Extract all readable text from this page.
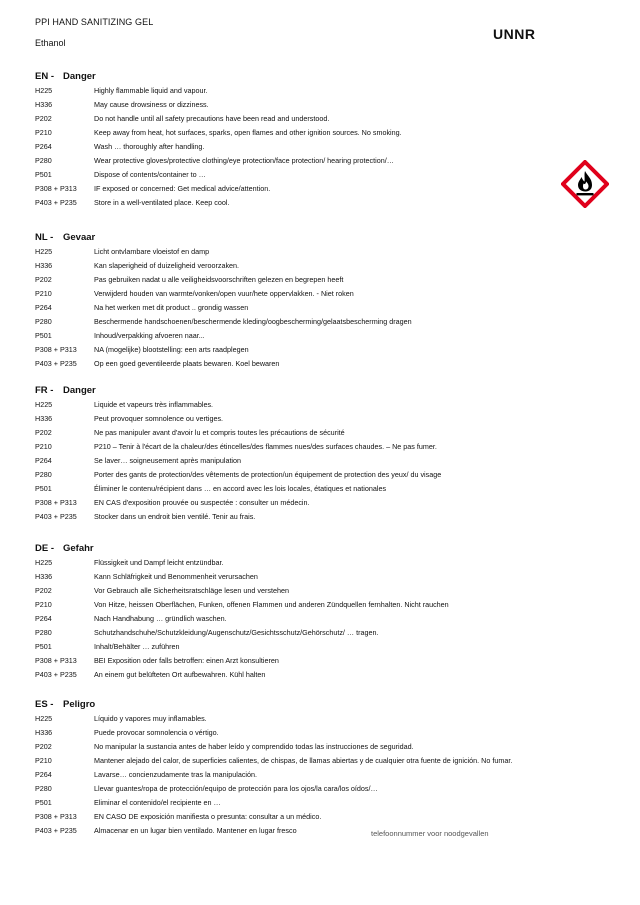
PPI HAND SANITIZING GEL
Ethanol
UNNR
EN - Danger
H225	Highly flammable liquid and vapour.
H336	May cause drowsiness or dizziness.
P202	Do not handle until all safety precautions have been read and understood.
P210	Keep away from heat, hot surfaces, sparks, open flames and other ignition sources. No smoking.
P264	Wash … thoroughly after handling.
P280	Wear protective gloves/protective clothing/eye protection/face protection/ hearing protection/…
P501	Dispose of contents/container to …
P308 + P313	IF exposed or concerned: Get medical advice/attention.
P403 + P235	Store in a well-ventilated place. Keep cool.
NL - Gevaar
H225	Licht ontvlambare vloeistof en damp
H336	Kan slaperigheid of duizeligheid veroorzaken.
P202	Pas gebruiken nadat u alle veiligheidsvoorschriften gelezen en begrepen heeft
P210	Verwijderd houden van warmte/vonken/open vuur/hete oppervlakken. - Niet roken
P264	Na het werken met dit product .. grondig wassen
P280	Beschermende handschoenen/beschermende kleding/oogbescherming/gelaatsbescherming dragen
P501	Inhoud/verpakking afvoeren naar...
P308 + P313	NA (mogelijke) blootstelling: een arts raadplegen
P403 + P235	Op een goed geventileerde plaats bewaren. Koel bewaren
FR - Danger
H225	Liquide et vapeurs très inflammables.
H336	Peut provoquer somnolence ou vertiges.
P202	Ne pas manipuler avant d'avoir lu et compris toutes les précautions de sécurité
P210	P210 – Tenir à l'écart de la chaleur/des étincelles/des flammes nues/des surfaces chaudes. – Ne pas fumer.
P264	Se laver… soigneusement après manipulation
P280	Porter des gants de protection/des vêtements de protection/un équipement de protection des yeux/ du visage
P501	Éliminer le contenu/récipient dans … en accord avec les lois locales, étatiques et nationales
P308 + P313	EN CAS d'exposition prouvée ou suspectée : consulter un médecin.
P403 + P235	Stocker dans un endroit bien ventilé. Tenir au frais.
DE - Gefahr
H225	Flüssigkeit und Dampf leicht entzündbar.
H336	Kann Schläfrigkeit und Benommenheit verursachen
P202	Vor Gebrauch alle Sicherheitsratschläge lesen und verstehen
P210	Von Hitze, heissen Oberflächen, Funken, offenen Flammen und anderen Zündquellen fernhalten. Nicht rauchen
P264	Nach Handhabung … gründlich waschen.
P280	Schutzhandschuhe/Schutzkleidung/Augenschutz/Gesichtsschutz/Gehörschutz/ … tragen.
P501	Inhalt/Behälter … zuführen
P308 + P313	BEI Exposition oder falls betroffen: einen Arzt konsultieren
P403 + P235	An einem gut belüfteten Ort aufbewahren. Kühl halten
ES - Peligro
H225	Líquido y vapores muy inflamables.
H336	Puede provocar somnolencia o vértigo.
P202	No manipular la sustancia antes de haber leído y comprendido todas las instrucciones de seguridad.
P210	Mantener alejado del calor, de superficies calientes, de chispas, de llamas abiertas y de cualquier otra fuente de ignición. No fumar.
P264	Lavarse… concienzudamente tras la manipulación.
P280	Llevar guantes/ropa de protección/equipo de protección para los ojos/la cara/los oídos/…
P501	Eliminar el contenido/el recipiente en …
P308 + P313	EN CASO DE exposición manifiesta o presunta: consultar a un médico.
P403 + P235	Almacenar en un lugar bien ventilado. Mantener en lugar fresco	telefoonnummer voor noodgevallen
